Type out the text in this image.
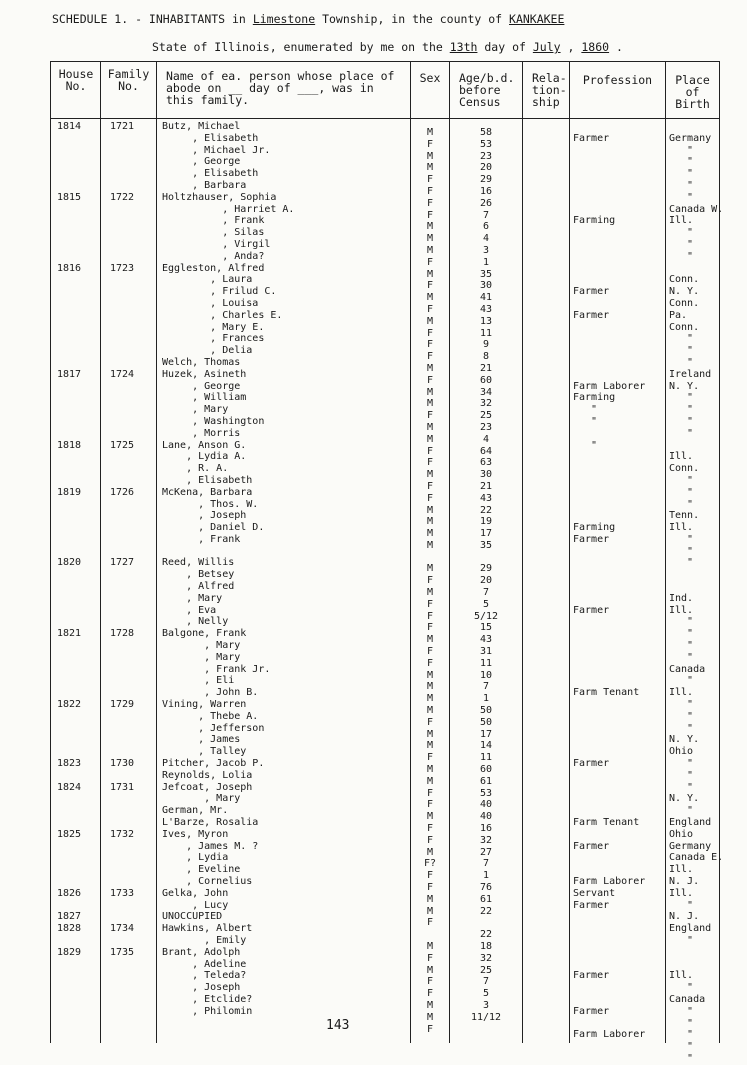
SCHEDULE 1. - INHABITANTS in Limestone Township, in the county of KANKAKEE
State of Illinois, enumerated by me on the 13th day of July , 1860 .
House
No.
Family
No.
Name of ea. person whose place of
abode on __ day of ___, was in
this family.
Sex	Age/b.d.
before
Census
Rela-
tion-
ship
Profession	Place
of
Birth
1814

1815

1816

1817

1818

1819

1820

1821

1822

1823

1824

1825

1826

1827
1828

1829
1721

1722

1723

1724

1725

1726

1727

1728

1729

1730

1731

1732

1733

1734

1735
Butz, Michael
, Elisabeth
, Michael Jr.
, George
, Elisabeth
, Barbara
Holtzhauser, Sophia
, Harriet A.
, Frank
, Silas
, Virgil
, Anda?
Eggleston, Alfred
, Laura
, Frilud C.
, Louisa
, Charles E.
, Mary E.
, Frances
, Delia
Welch, Thomas
Huzek, Asineth
, George
, William
, Mary
, Washington
, Morris
Lane, Anson G.
, Lydia A.
, R. A.
, Elisabeth
McKena, Barbara
, Thos. W.
, Joseph
, Daniel D.
, Frank

Reed, Willis
, Betsey
, Alfred
, Mary
, Eva
, Nelly
Balgone, Frank
, Mary
, Mary
, Frank Jr.
, Eli
, John B.
Vining, Warren
, Thebe A.
, Jefferson
, James
, Talley
Pitcher, Jacob P.
Reynolds, Lolia
Jefcoat, Joseph
, Mary
German, Mr.
L'Barze, Rosalia
Ives, Myron
, James M. ?
, Lydia
, Eveline
, Cornelius
Gelka, John
, Lucy
UNOCCUPIED
Hawkins, Albert
, Emily
Brant, Adolph
, Adeline
, Teleda?
, Joseph
, Etclide?
, Philomin
M
F
M
M
F
F
F
F
M
M
M
F
M
F
M
F
M
F
F
F
M
F
M
M
F
M
M
F
F
M
F
F
M
M
M
M

M
F
M
F
F
F
M
F
F
M
M
M
M
F
M
M
F
M
M
F
F
M
F
F
M
F?
F
F
M
M
F

M
F
M
F
F
M
M
F
58
53
23
20
29
16
26
7
6
4
3
1
35
30
41
43
13
11
9
8
21
60
34
32
25
23
4
64
63
30
21
43
22
19
17
35

29
20
7
5
5/12
15
43
31
11
10
7
1
50
50
17
14
11
60
61
53
40
40
16
32
27
7
1
76
61
22

22
18
32
25
7
5
3
11/12

Farmer

Farming

Farmer

Farmer

Farm Laborer
Farming
"
"

"

Farming
Farmer

Farmer

Farm Tenant

Farmer

Farm Tenant

Farmer

Farm Laborer
Servant
Farmer

Farmer

Farmer

Farm Laborer

Germany
"
"
"
"
"
Canada W.
Ill.
"
"
"

Conn.
N. Y.
Conn.
Pa.
Conn.
"
"
"
Ireland
N. Y.
"
"
"
"

Ill.
Conn.
"
"
"
Tenn.
Ill.
"
"
"

Ind.
Ill.
"
"
"
"
Canada
"
Ill.
"
"
"
N. Y.
Ohio
"
"
"
N. Y.
"
England
Ohio
Germany
Canada E.
Ill.
N. J.
Ill.
"
N. J.
England
"

Ill.
"
Canada
"
"
"
"
"
143
